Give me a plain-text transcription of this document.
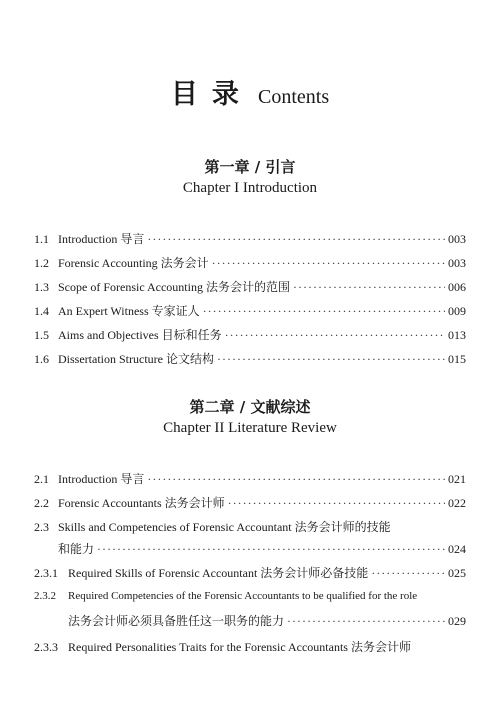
目录 Contents
第一章 / 引言
Chapter I Introduction
1.1 Introduction 导言 ·····	003
1.2 Forensic Accounting 法务会计 ·····	003
1.3 Scope of Forensic Accounting 法务会计的范围 ·····	006
1.4 An Expert Witness 专家证人 ·····	009
1.5 Aims and Objectives 目标和任务 ·····	013
1.6 Dissertation Structure 论文结构 ·····	015
第二章 / 文献综述
Chapter II Literature Review
2.1 Introduction 导言 ·····	021
2.2 Forensic Accountants 法务会计师 ·····	022
2.3 Skills and Competencies of Forensic Accountant 法务会计师的技能
和能力 ·····	024
2.3.1 Required Skills of Forensic Accountant 法务会计师必备技能 ·····	025
2.3.2 Required Competencies of the Forensic Accountants to be qualified for the role
法务会计师必须具备胜任这一职务的能力 ·····	029
2.3.3 Required Personalities Traits for the Forensic Accountants 法务会计师
